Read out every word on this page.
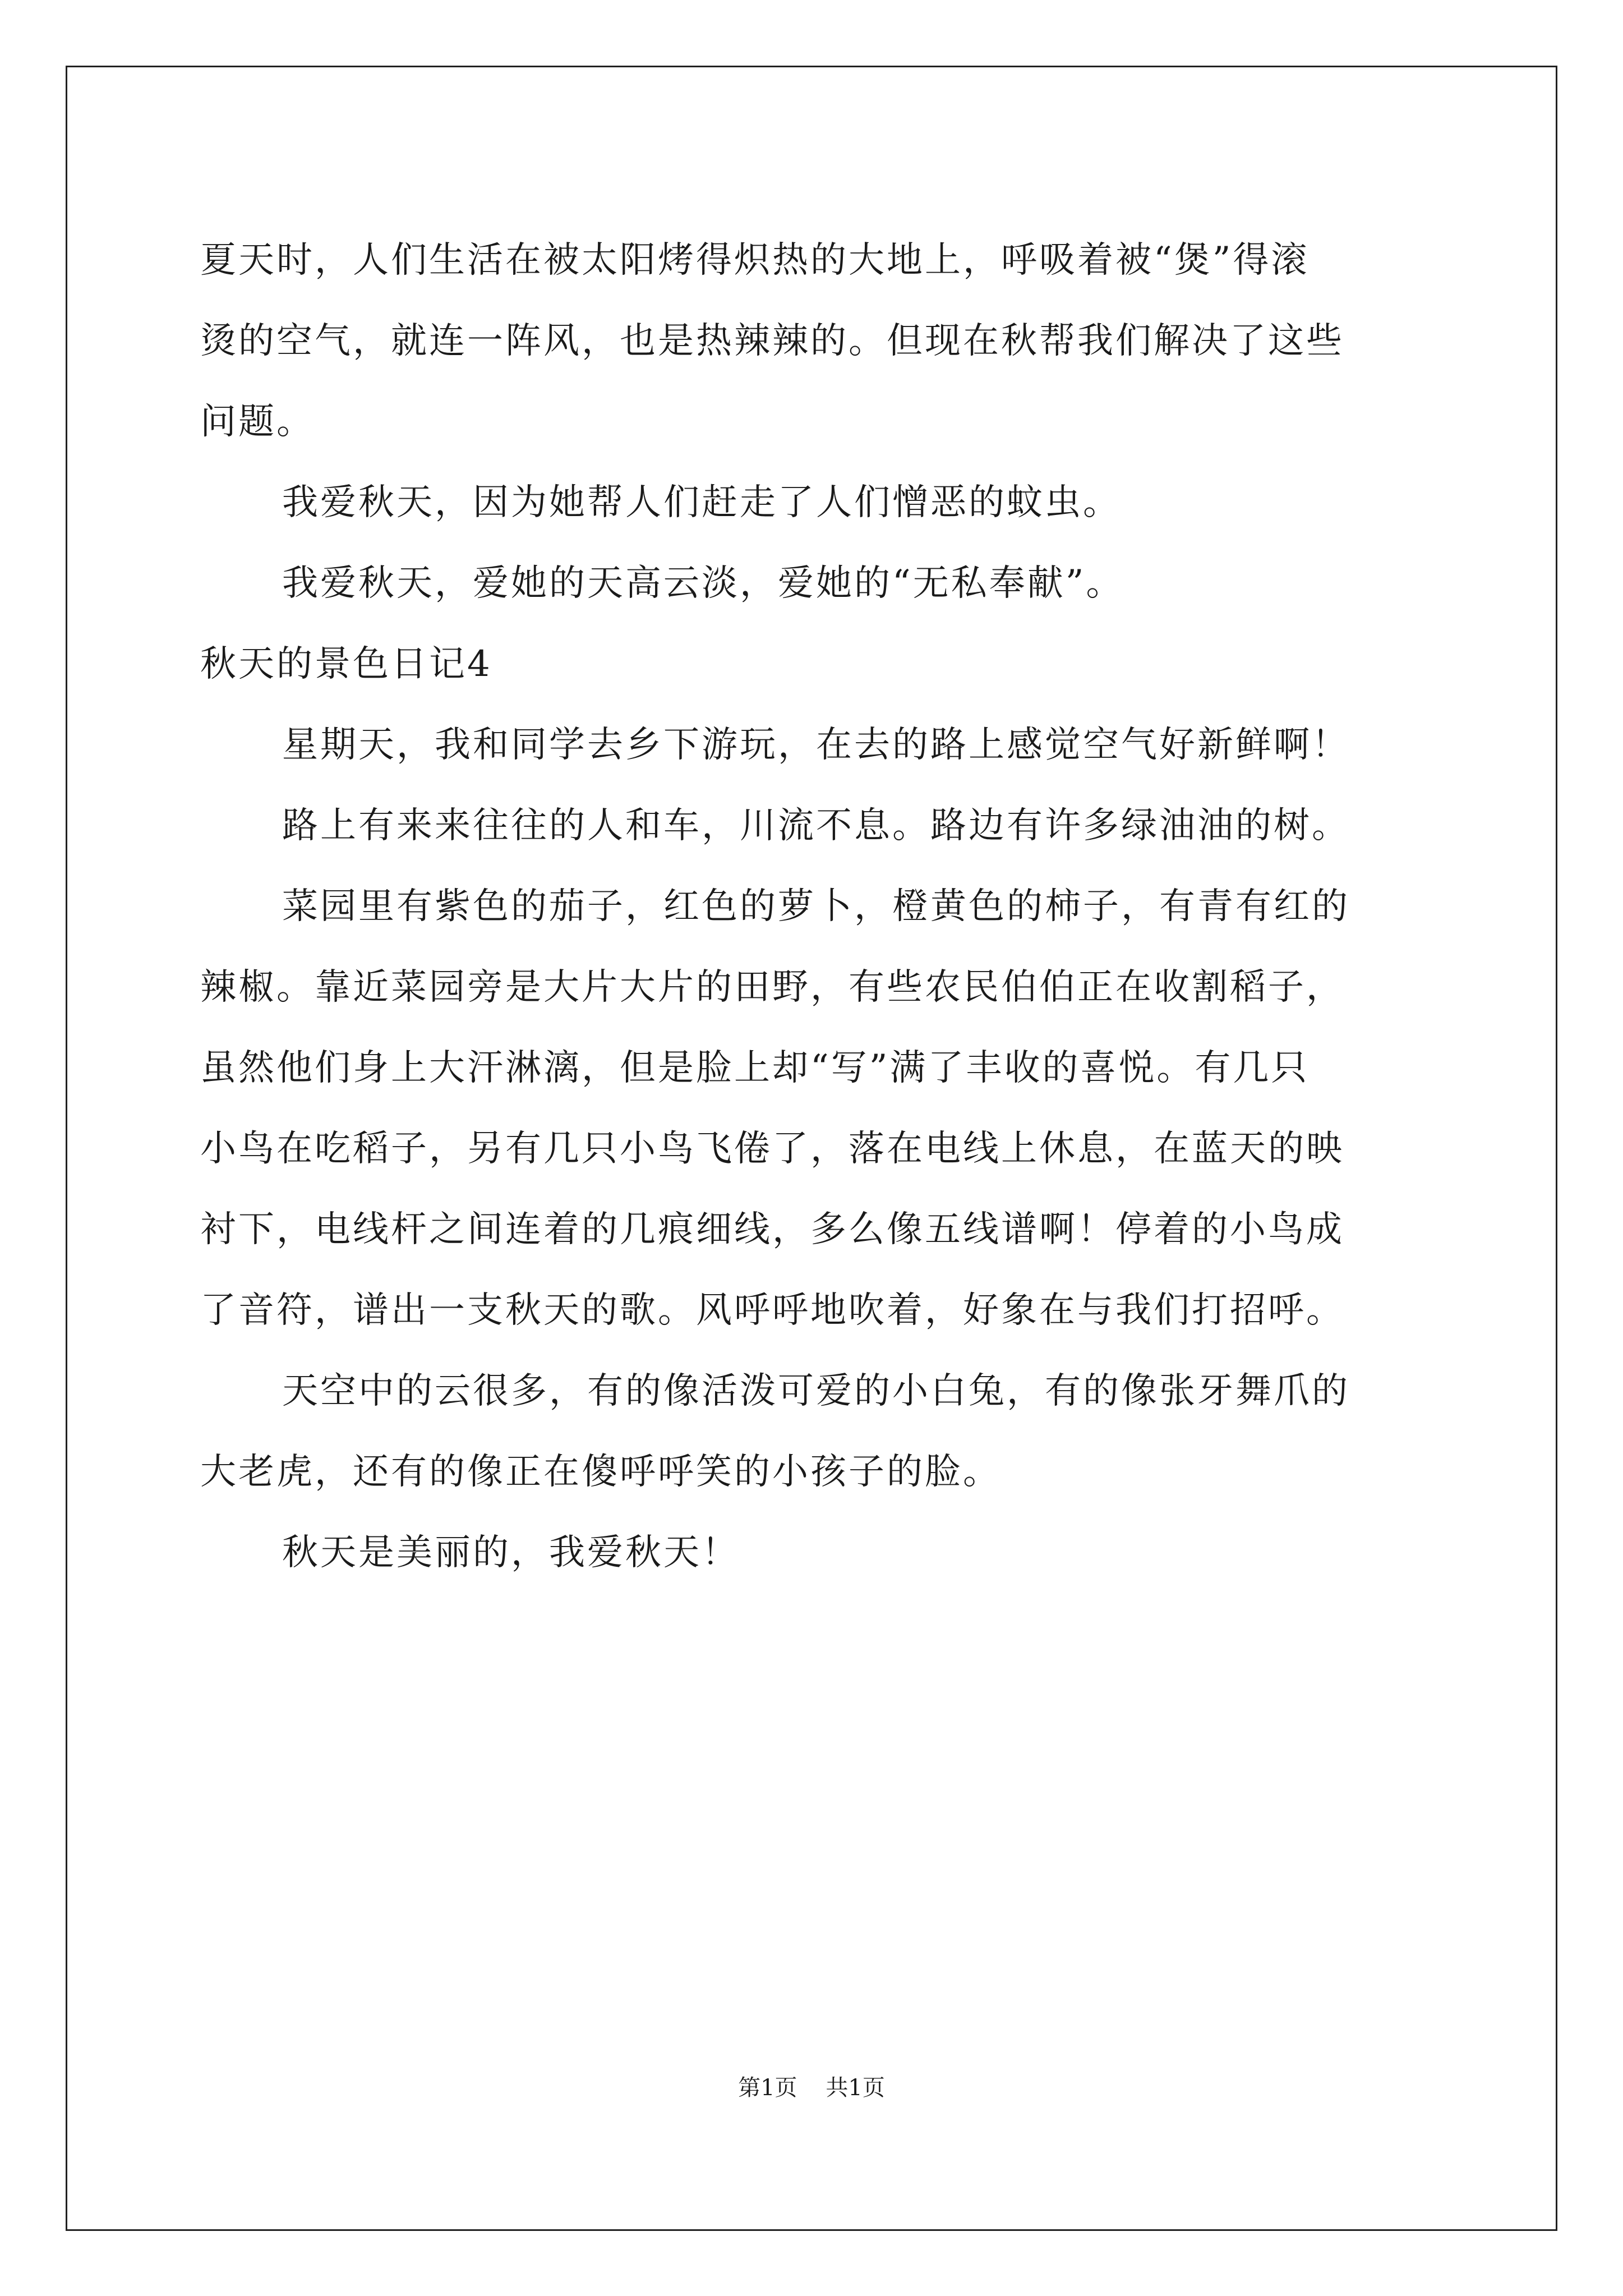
夏天时，人们生活在被太阳烤得炽热的大地上，呼吸着被“煲”得滚
烫的空气，就连一阵风，也是热辣辣的。但现在秋帮我们解决了这些
问题。
我爱秋天，因为她帮人们赶走了人们憎恶的蚊虫。
我爱秋天，爱她的天高云淡，爱她的“无私奉献”。
秋天的景色日记4
星期天，我和同学去乡下游玩，在去的路上感觉空气好新鲜啊！
路上有来来往往的人和车，川流不息。路边有许多绿油油的树。
菜园里有紫色的茄子，红色的萝卜，橙黄色的柿子，有青有红的
辣椒。靠近菜园旁是大片大片的田野，有些农民伯伯正在收割稻子，
虽然他们身上大汗淋漓，但是脸上却“写”满了丰收的喜悦。有几只
小鸟在吃稻子，另有几只小鸟飞倦了，落在电线上休息，在蓝天的映
衬下，电线杆之间连着的几痕细线，多么像五线谱啊！停着的小鸟成
了音符，谱出一支秋天的歌。风呼呼地吹着，好象在与我们打招呼。
天空中的云很多，有的像活泼可爱的小白兔，有的像张牙舞爪的
大老虎，还有的像正在傻呼呼笑的小孩子的脸。
秋天是美丽的，我爱秋天！
第1页 共1页
